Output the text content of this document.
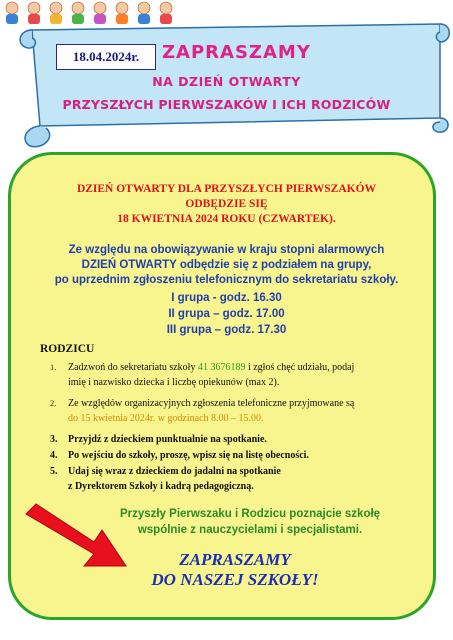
18.04.2024r.	ZAPRASZAMY
NA DZIEŃ OTWARTY
PRZYSZŁYCH PIERWSZAKÓW I ICH RODZICÓW
DZIEŃ OTWARTY DLA PRZYSZŁYCH PIERWSZAKÓW
ODBĘDZIE SIĘ
18 KWIETNIA 2024 ROKU (CZWARTEK).
Ze względu na obowiązywanie w kraju stopni alarmowych
DZIEŃ OTWARTY odbędzie się z podziałem na grupy,
po uprzednim zgłoszeniu telefonicznym do sekretariatu szkoły.
I grupa - godz. 16.30
II grupa – godz. 17.00
III grupa – godz. 17.30
RODZICU
1. Zadzwoń do sekretariatu szkoły 41 3676189 i zgłoś chęć udziału, podaj
imię i nazwisko dziecka i liczbę opiekunów (max 2).
2. Ze względów organizacyjnych zgłoszenia telefoniczne przyjmowane są
do 15 kwietnia 2024r. w godzinach 8.00 – 15.00.
3. Przyjdź z dzieckiem punktualnie na spotkanie.
4. Po wejściu do szkoły, proszę, wpisz się na listę obecności.
5. Udaj się wraz z dzieckiem do jadalni na spotkanie
z Dyrektorem Szkoły i kadrą pedagogiczną.
Przyszły Pierwszaku i Rodzicu poznajcie szkołę
wspólnie z nauczycielami i specjalistami.
ZAPRASZAMY
DO NASZEJ SZKOŁY!
